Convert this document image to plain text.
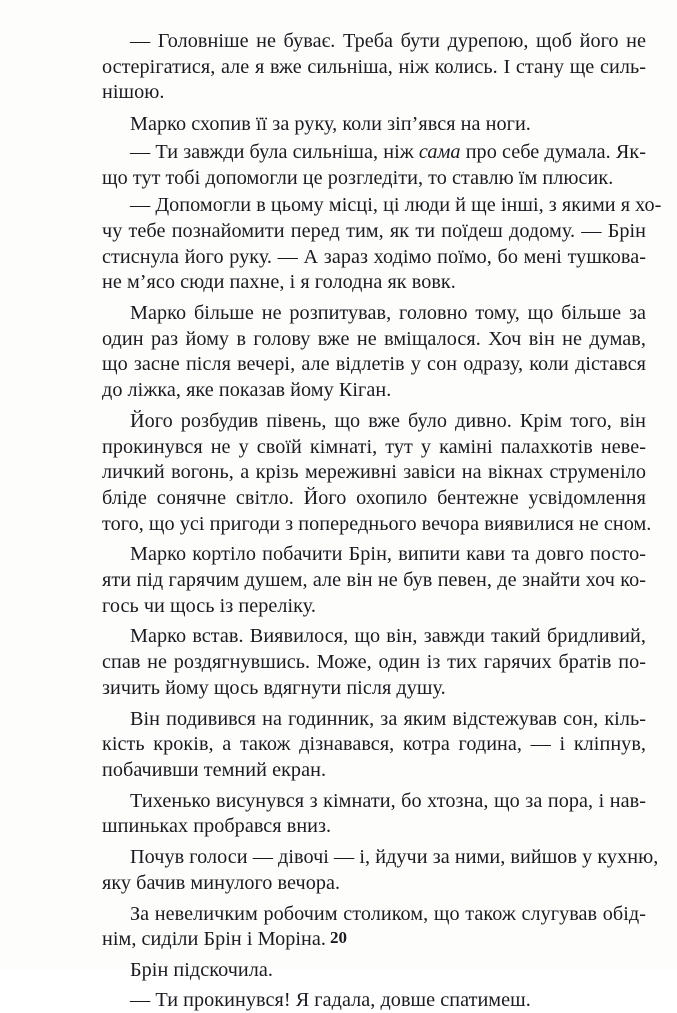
— Головніше не буває. Треба бути дурепою, щоб його не
остерігатися, але я вже сильніша, ніж колись. І стану ще силь-
нішою.
Марко схопив її за руку, коли зіп’явся на ноги.
— Ти завжди була сильніша, ніж сама про себе думала. Як-
що тут тобі допомогли це розгледіти, то ставлю їм плюсик.
— Допомогли в цьому місці, ці люди й ще інші, з якими я хо-
чу тебе познайомити перед тим, як ти поїдеш додому. — Брін
стиснула його руку. — А зараз ходімо поїмо, бо мені тушкова-
не м’ясо сюди пахне, і я голодна як вовк.
Марко більше не розпитував, головно тому, що більше за
один раз йому в голову вже не вміщалося. Хоч він не думав,
що засне після вечері, але відлетів у сон одразу, коли дістався
до ліжка, яке показав йому Кіган.
Його розбудив півень, що вже було дивно. Крім того, він
прокинувся не у своїй кімнаті, тут у каміні палахкотів неве-
личкий вогонь, а крізь мереживні завіси на вікнах струменіло
бліде сонячне світло. Його охопило бентежне усвідомлення
того, що усі пригоди з попереднього вечора виявилися не сном.
Марко кортіло побачити Брін, випити кави та довго посто-
яти під гарячим душем, але він не був певен, де знайти хоч ко-
гось чи щось із переліку.
Марко встав. Виявилося, що він, завжди такий бридливий,
спав не роздягнувшись. Може, один із тих гарячих братів по-
зичить йому щось вдягнути після душу.
Він подивився на годинник, за яким відстежував сон, кіль-
кість кроків, а також дізнавався, котра година, — і кліпнув,
побачивши темний екран.
Тихенько висунувся з кімнати, бо хтозна, що за пора, і нав-
шпиньках пробрався вниз.
Почув голоси — дівочі — і, йдучи за ними, вийшов у кухню,
яку бачив минулого вечора.
За невеличким робочим столиком, що також слугував обід-
нім, сиділи Брін і Моріна.
Брін підскочила.
— Ти прокинувся! Я гадала, довше спатимеш.
20
